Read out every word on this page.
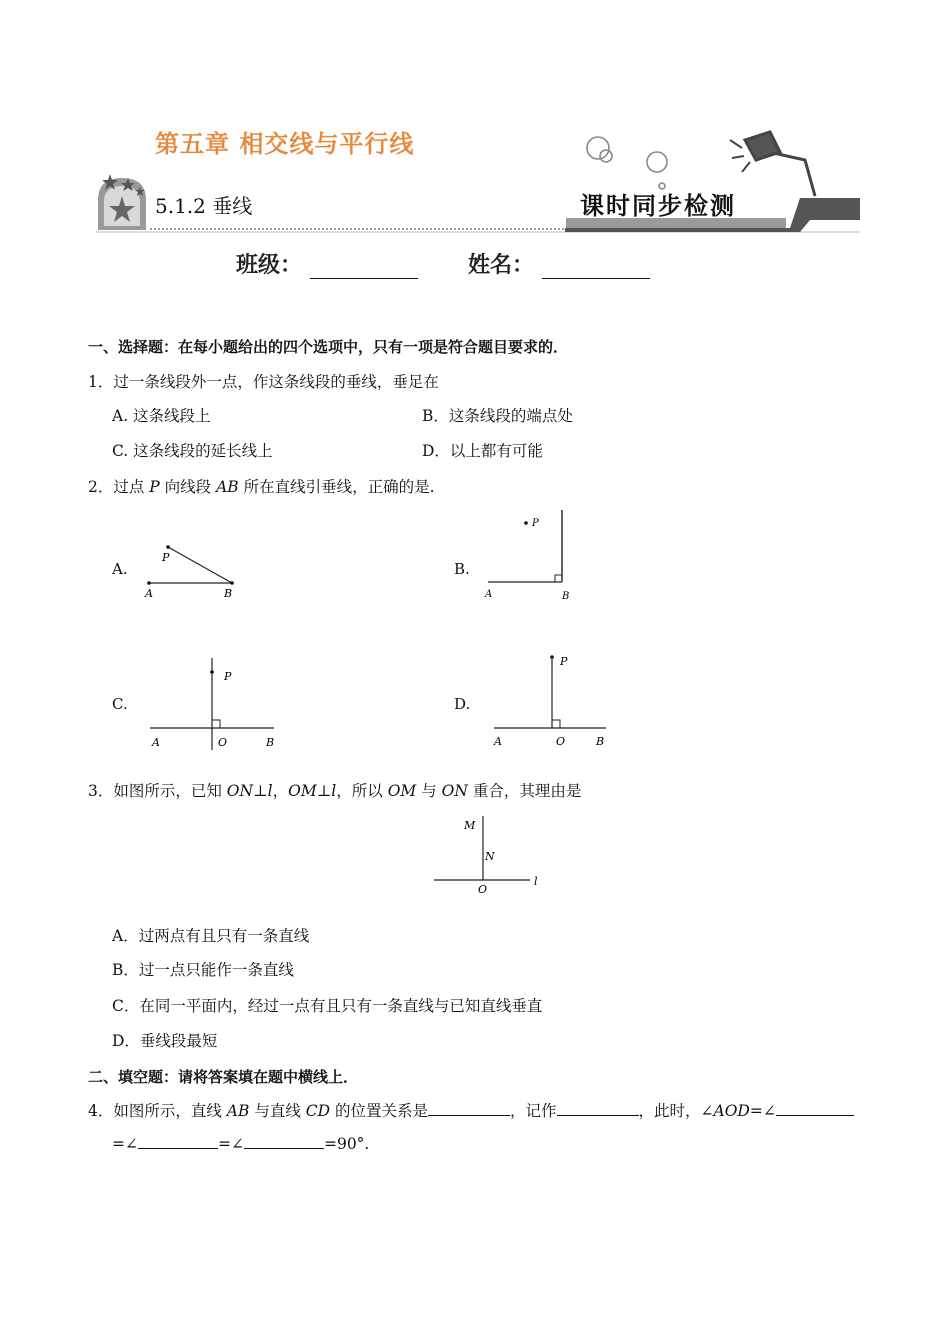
第五章 相交线与平行线
5.1.2 垂线	课时同步检测
班级：	姓名：
一、选择题：在每小题给出的四个选项中，只有一项是符合题目要求的．
1．过一条线段外一点，作这条线段的垂线，垂足在
A. 这条线段上	B．这条线段的端点处
C. 这条线段的延长线上	D．以上都有可能
2．过点 P 向线段 AB 所在直线引垂线，正确的是.
A.	B.
C.	D.
P
A	B
P
A	B
P
A	O	B
P
A	O	B
3．如图所示，已知 ON⊥l，OM⊥l，所以 OM 与 ON 重合，其理由是
M
N
O
l
A．过两点有且只有一条直线
B．过一点只能作一条直线
C．在同一平面内，经过一点有且只有一条直线与已知直线垂直
D．垂线段最短
二、填空题：请将答案填在题中横线上．
4．如图所示，直线 AB 与直线 CD 的位置关系是	，记作	，此时，∠AOD=∠
=∠	=∠	=90°.
